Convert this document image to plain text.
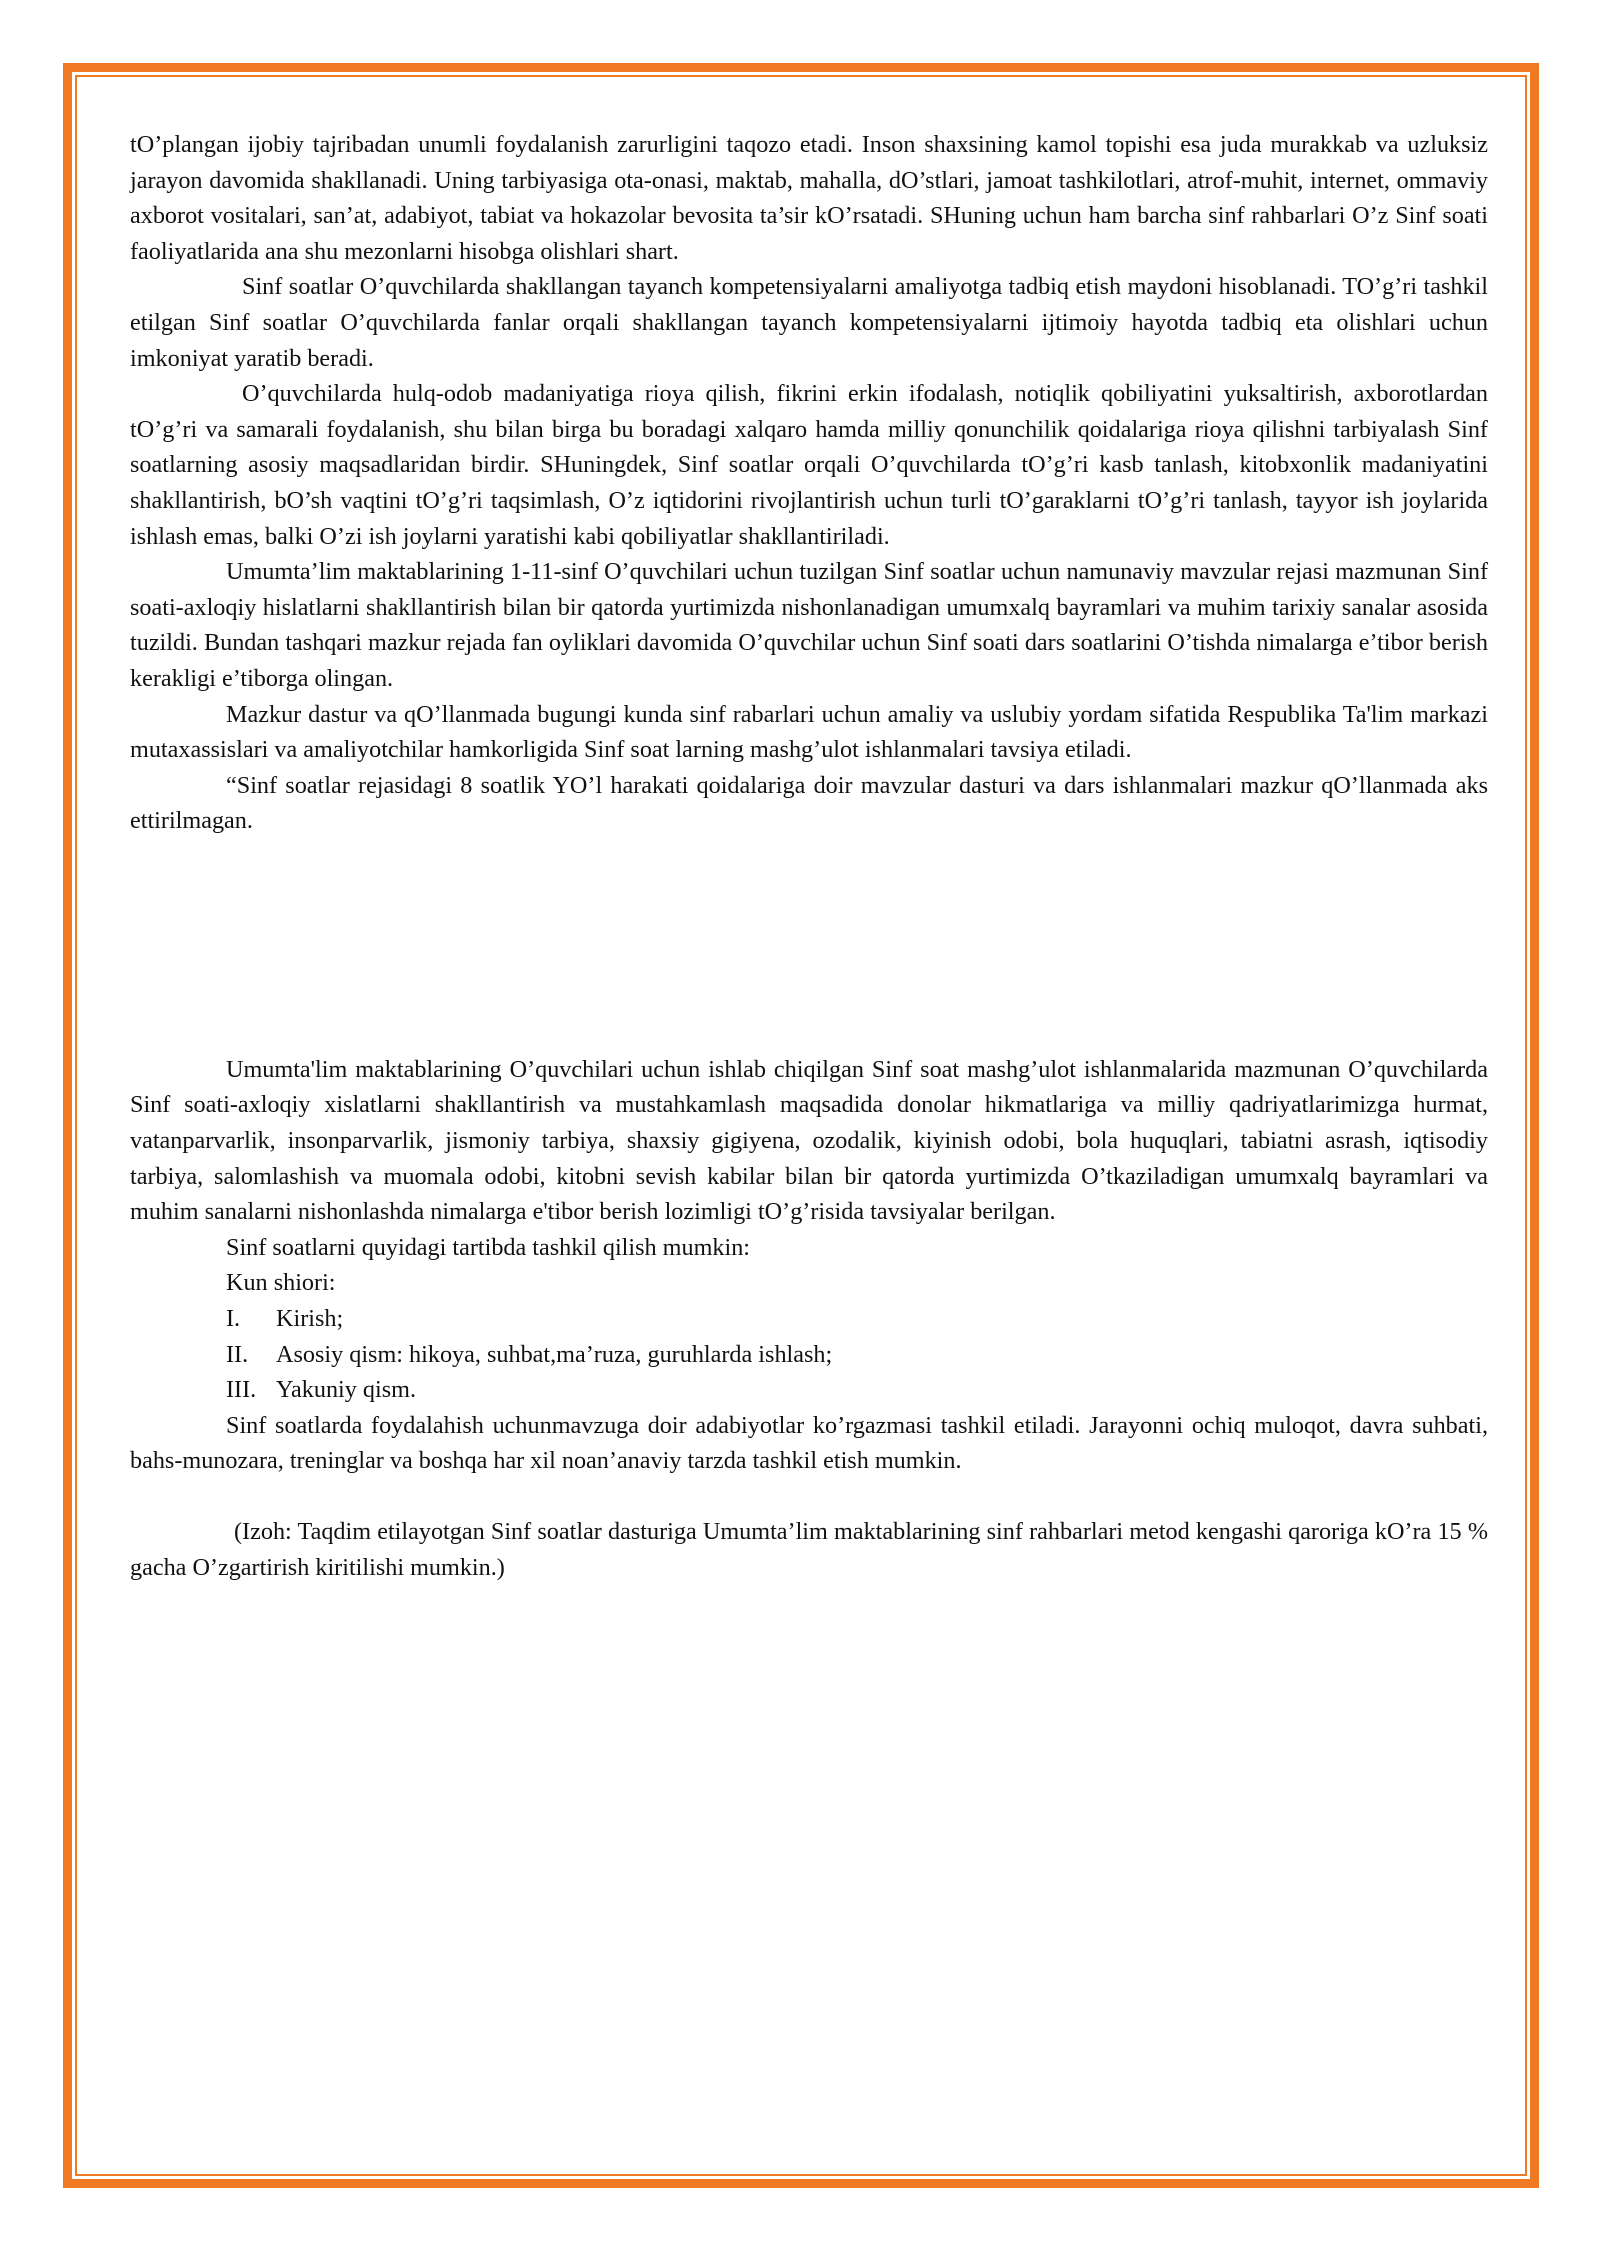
tO’plangan ijobiy tajribadan unumli foydalanish zarurligini taqozo etadi. Inson shaxsining kamol topishi esa juda murakkab va uzluksiz jarayon davomida shakllanadi. Uning tarbiyasiga ota-onasi, maktab, mahalla, dO’stlari, jamoat tashkilotlari, atrof-muhit, internet, ommaviy axborot vositalari, san’at, adabiyot, tabiat va hokazolar bevosita ta’sir kO’rsatadi. SHuning uchun ham barcha sinf rahbarlari O’z Sinf soati faoliyatlarida ana shu mezonlarni hisobga olishlari shart.

Sinf soatlar O’quvchilarda shakllangan tayanch kompetensiyalarni amaliyotga tadbiq etish maydoni hisoblanadi. TO’g’ri tashkil etilgan Sinf soatlar O’quvchilarda fanlar orqali shakllangan tayanch kompetensiyalarni ijtimoiy hayotda tadbiq eta olishlari uchun imkoniyat yaratib beradi.

O’quvchilarda hulq-odob madaniyatiga rioya qilish, fikrini erkin ifodalash, notiqlik qobiliyatini yuksaltirish, axborotlardan tO’g’ri va samarali foydalanish, shu bilan birga bu boradagi xalqaro hamda milliy qonunchilik qoidalariga rioya qilishni tarbiyalash Sinf soatlarning asosiy maqsadlaridan birdir. SHuningdek, Sinf soatlar orqali O’quvchilarda tO’g’ri kasb tanlash, kitobxonlik madaniyatini shakllantirish, bO’sh vaqtini tO’g’ri taqsimlash, O’z iqtidorini rivojlantirish uchun turli tO’garaklarni tO’g’ri tanlash, tayyor ish joylarida ishlash emas, balki O’zi ish joylarni yaratishi kabi qobiliyatlar shakllantiriladi.

Umumta’lim maktablarining 1-11-sinf O’quvchilari uchun tuzilgan Sinf soatlar uchun namunaviy mavzular rejasi mazmunan Sinf soati-axloqiy hislatlarni shakllantirish bilan bir qatorda yurtimizda nishonlanadigan umumxalq bayramlari va muhim tarixiy sanalar asosida tuzildi. Bundan tashqari mazkur rejada fan oyliklari davomida O’quvchilar uchun Sinf soati dars soatlarini O’tishda nimalarga e’tibor berish kerakligi e’tiborga olingan.

Mazkur dastur va qO’llanmada bugungi kunda sinf rabarlari uchun amaliy va uslubiy yordam sifatida Respublika Ta'lim markazi mutaxassislari va amaliyotchilar hamkorligida Sinf soat larning mashg’ulot ishlanmalari tavsiya etiladi.

“Sinf soatlar rejasidagi 8 soatlik YO’l harakati qoidalariga doir mavzular dasturi va dars ishlanmalari mazkur qO’llanmada aks ettirilmagan.

Umumta'lim maktablarining O’quvchilari uchun ishlab chiqilgan Sinf soat mashg’ulot ishlanmalarida mazmunan O’quvchilarda Sinf soati-axloqiy xislatlarni shakllantirish va mustahkamlash maqsadida donolar hikmatlariga va milliy qadriyatlarimizga hurmat, vatanparvarlik, insonparvarlik, jismoniy tarbiya, shaxsiy gigiyena, ozodalik, kiyinish odobi, bola huquqlari, tabiatni asrash, iqtisodiy tarbiya, salomlashish va muomala odobi, kitobni sevish kabilar bilan bir qatorda yurtimizda O’tkaziladigan umumxalq bayramlari va muhim sanalarni nishonlashda nimalarga e'tibor berish lozimligi tO’g’risida tavsiyalar berilgan.

Sinf soatlarni quyidagi tartibda tashkil qilish mumkin:

Kun shiori:

I.	Kirish;
II.	Asosiy qism: hikoya, suhbat,ma’ruza, guruhlarda ishlash;
III. Yakuniy qism.

Sinf soatlarda foydalahish uchunmavzuga doir adabiyotlar ko’rgazmasi tashkil etiladi. Jarayonni ochiq muloqot, davra suhbati, bahs-munozara, treninglar va boshqa har xil noan’anaviy tarzda tashkil etish mumkin.

(Izoh: Taqdim etilayotgan Sinf soatlar dasturiga Umumta’lim maktablarining sinf rahbarlari metod kengashi qaroriga kO’ra 15 % gacha O’zgartirish kiritilishi mumkin.)
